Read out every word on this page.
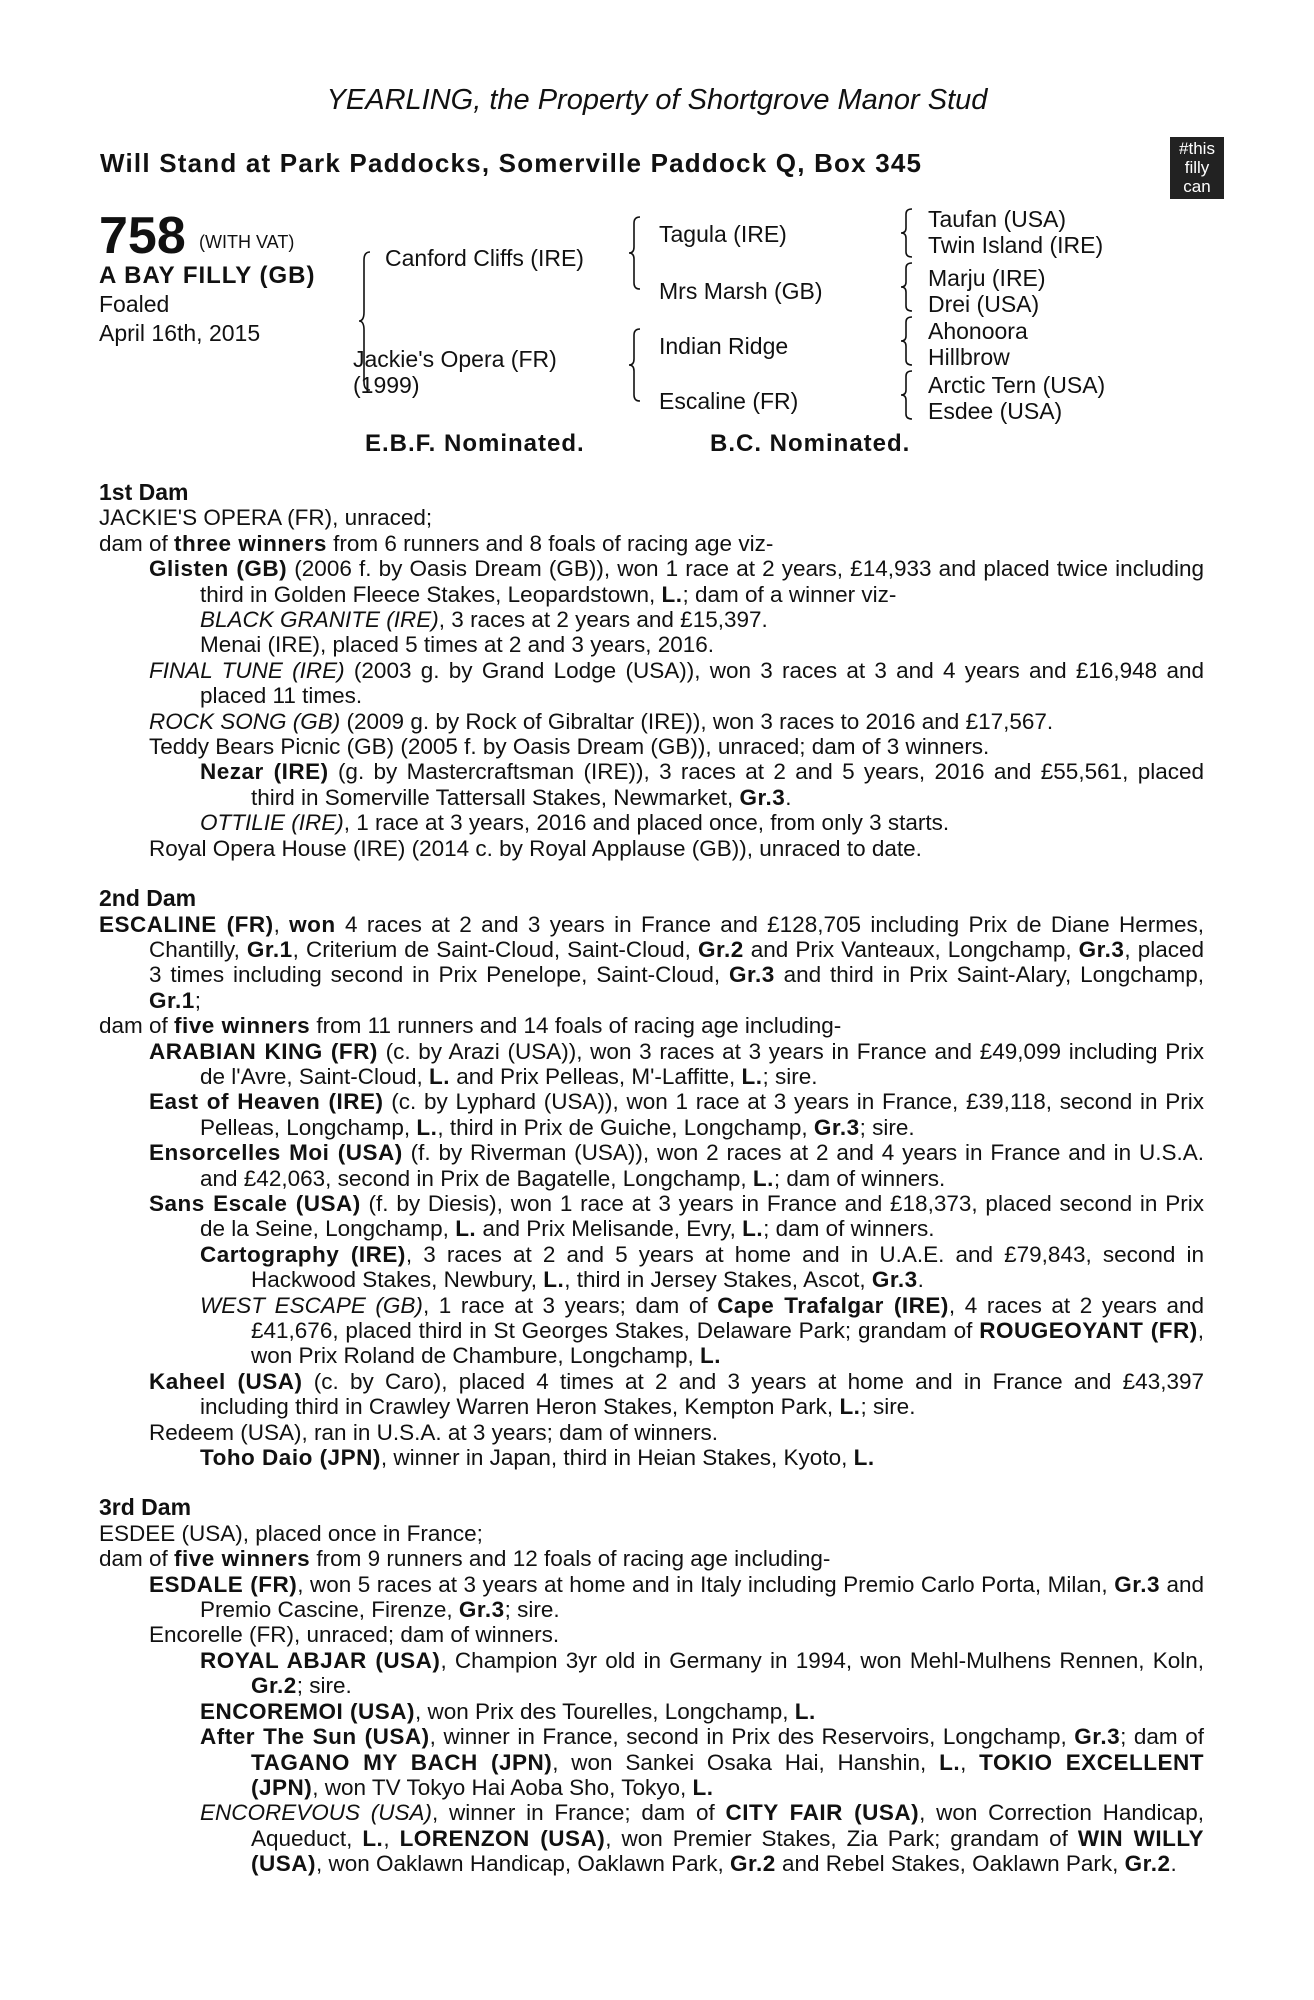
YEARLING, the Property of Shortgrove Manor Stud
Will Stand at Park Paddocks, Somerville Paddock Q, Box 345	#this
filly
can
758 (WITH VAT)
A BAY FILLY (GB)
Foaled
April 16th, 2015
Canford Cliffs (IRE)
Jackie's Opera (FR)
(1999)
Tagula (IRE)
Mrs Marsh (GB)
Indian Ridge
Escaline (FR)
Taufan (USA)
Twin Island (IRE)
Marju (IRE)
Drei (USA)
Ahonoora
Hillbrow
Arctic Tern (USA)
Esdee (USA)
E.B.F. Nominated.	B.C. Nominated.
1st Dam
JACKIE'S OPERA (FR), unraced;
dam of three winners from 6 runners and 8 foals of racing age viz-
Glisten (GB) (2006 f. by Oasis Dream (GB)), won 1 race at 2 years, £14,933 and placed twice including third in Golden Fleece Stakes, Leopardstown, L.; dam of a winner viz-
BLACK GRANITE (IRE), 3 races at 2 years and £15,397.
Menai (IRE), placed 5 times at 2 and 3 years, 2016.
FINAL TUNE (IRE) (2003 g. by Grand Lodge (USA)), won 3 races at 3 and 4 years and £16,948 and placed 11 times.
ROCK SONG (GB) (2009 g. by Rock of Gibraltar (IRE)), won 3 races to 2016 and £17,567.
Teddy Bears Picnic (GB) (2005 f. by Oasis Dream (GB)), unraced; dam of 3 winners.
Nezar (IRE) (g. by Mastercraftsman (IRE)), 3 races at 2 and 5 years, 2016 and £55,561, placed third in Somerville Tattersall Stakes, Newmarket, Gr.3.
OTTILIE (IRE), 1 race at 3 years, 2016 and placed once, from only 3 starts.
Royal Opera House (IRE) (2014 c. by Royal Applause (GB)), unraced to date.
2nd Dam
ESCALINE (FR), won 4 races at 2 and 3 years in France and £128,705 including Prix de Diane Hermes, Chantilly, Gr.1, Criterium de Saint-Cloud, Saint-Cloud, Gr.2 and Prix Vanteaux, Longchamp, Gr.3, placed 3 times including second in Prix Penelope, Saint-Cloud, Gr.3 and third in Prix Saint-Alary, Longchamp, Gr.1;
dam of five winners from 11 runners and 14 foals of racing age including-
ARABIAN KING (FR) (c. by Arazi (USA)), won 3 races at 3 years in France and £49,099 including Prix de l'Avre, Saint-Cloud, L. and Prix Pelleas, M'-Laffitte, L.; sire.
East of Heaven (IRE) (c. by Lyphard (USA)), won 1 race at 3 years in France, £39,118, second in Prix Pelleas, Longchamp, L., third in Prix de Guiche, Longchamp, Gr.3; sire.
Ensorcelles Moi (USA) (f. by Riverman (USA)), won 2 races at 2 and 4 years in France and in U.S.A. and £42,063, second in Prix de Bagatelle, Longchamp, L.; dam of winners.
Sans Escale (USA) (f. by Diesis), won 1 race at 3 years in France and £18,373, placed second in Prix de la Seine, Longchamp, L. and Prix Melisande, Evry, L.; dam of winners.
Cartography (IRE), 3 races at 2 and 5 years at home and in U.A.E. and £79,843, second in Hackwood Stakes, Newbury, L., third in Jersey Stakes, Ascot, Gr.3.
WEST ESCAPE (GB), 1 race at 3 years; dam of Cape Trafalgar (IRE), 4 races at 2 years and £41,676, placed third in St Georges Stakes, Delaware Park; grandam of ROUGEOYANT (FR), won Prix Roland de Chambure, Longchamp, L.
Kaheel (USA) (c. by Caro), placed 4 times at 2 and 3 years at home and in France and £43,397 including third in Crawley Warren Heron Stakes, Kempton Park, L.; sire.
Redeem (USA), ran in U.S.A. at 3 years; dam of winners.
Toho Daio (JPN), winner in Japan, third in Heian Stakes, Kyoto, L.
3rd Dam
ESDEE (USA), placed once in France;
dam of five winners from 9 runners and 12 foals of racing age including-
ESDALE (FR), won 5 races at 3 years at home and in Italy including Premio Carlo Porta, Milan, Gr.3 and Premio Cascine, Firenze, Gr.3; sire.
Encorelle (FR), unraced; dam of winners.
ROYAL ABJAR (USA), Champion 3yr old in Germany in 1994, won Mehl-Mulhens Rennen, Koln, Gr.2; sire.
ENCOREMOI (USA), won Prix des Tourelles, Longchamp, L.
After The Sun (USA), winner in France, second in Prix des Reservoirs, Longchamp, Gr.3; dam of TAGANO MY BACH (JPN), won Sankei Osaka Hai, Hanshin, L., TOKIO EXCELLENT (JPN), won TV Tokyo Hai Aoba Sho, Tokyo, L.
ENCOREVOUS (USA), winner in France; dam of CITY FAIR (USA), won Correction Handicap, Aqueduct, L., LORENZON (USA), won Premier Stakes, Zia Park; grandam of WIN WILLY (USA), won Oaklawn Handicap, Oaklawn Park, Gr.2 and Rebel Stakes, Oaklawn Park, Gr.2.
